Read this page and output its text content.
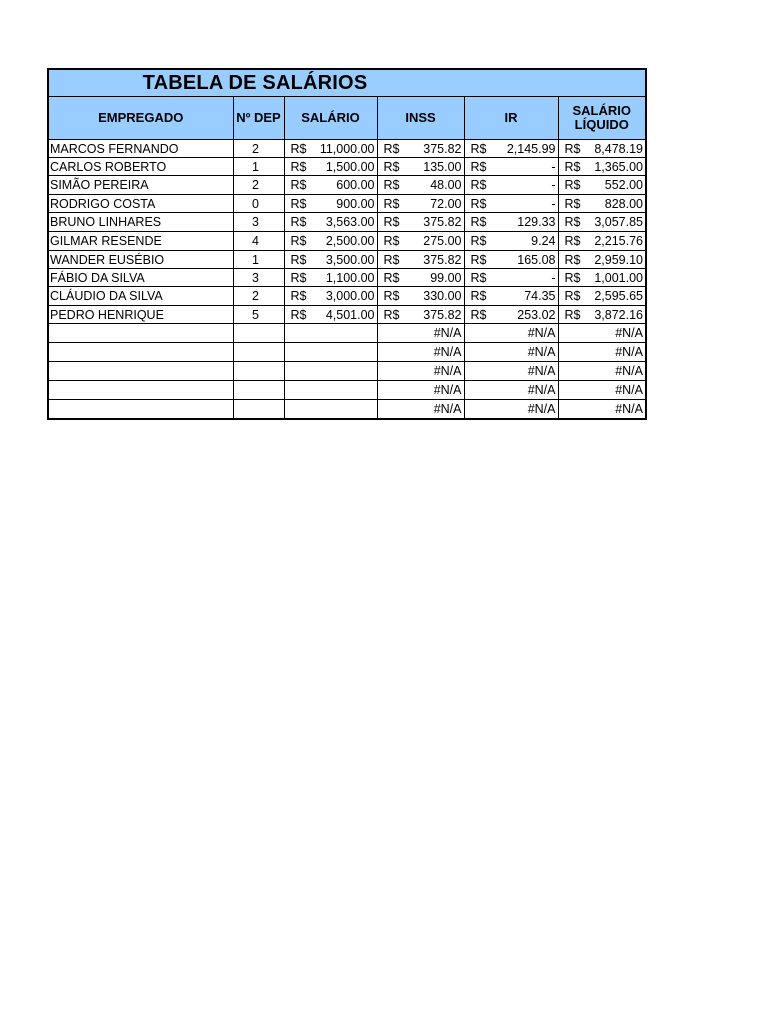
TABELA DE SALÁRIOS
EMPREGADO	Nº DEP	SALÁRIO	INSS	IR	SALÁRIO
LÍQUIDO

MARCOS FERNANDO	2	R$ 11,000.00	R$ 375.82	R$ 2,145.99	R$ 8,478.19

CARLOS ROBERTO	1	R$ 1,500.00	R$ 135.00	R$ -	R$ 1,365.00

SIMÃO PEREIRA	2	R$ 600.00	R$ 48.00	R$ -	R$ 552.00

RODRIGO COSTA	0	R$ 900.00	R$ 72.00	R$ -	R$ 828.00

BRUNO LINHARES	3	R$ 3,563.00	R$ 375.82	R$ 129.33	R$ 3,057.85

GILMAR RESENDE	4	R$ 2,500.00	R$ 275.00	R$ 9.24	R$ 2,215.76

WANDER EUSÉBIO	1	R$ 3,500.00	R$ 375.82	R$ 165.08	R$ 2,959.10

FÁBIO DA SILVA	3	R$ 1,100.00	R$ 99.00	R$ -	R$ 1,001.00

CLÁUDIO DA SILVA	2	R$ 3,000.00	R$ 330.00	R$ 74.35	R$ 2,595.65

PEDRO HENRIQUE	5	R$ 4,501.00	R$ 375.82	R$ 253.02	R$ 3,872.16

			#N/A	#N/A	#N/A
			#N/A	#N/A	#N/A
			#N/A	#N/A	#N/A
			#N/A	#N/A	#N/A
			#N/A	#N/A	#N/A
